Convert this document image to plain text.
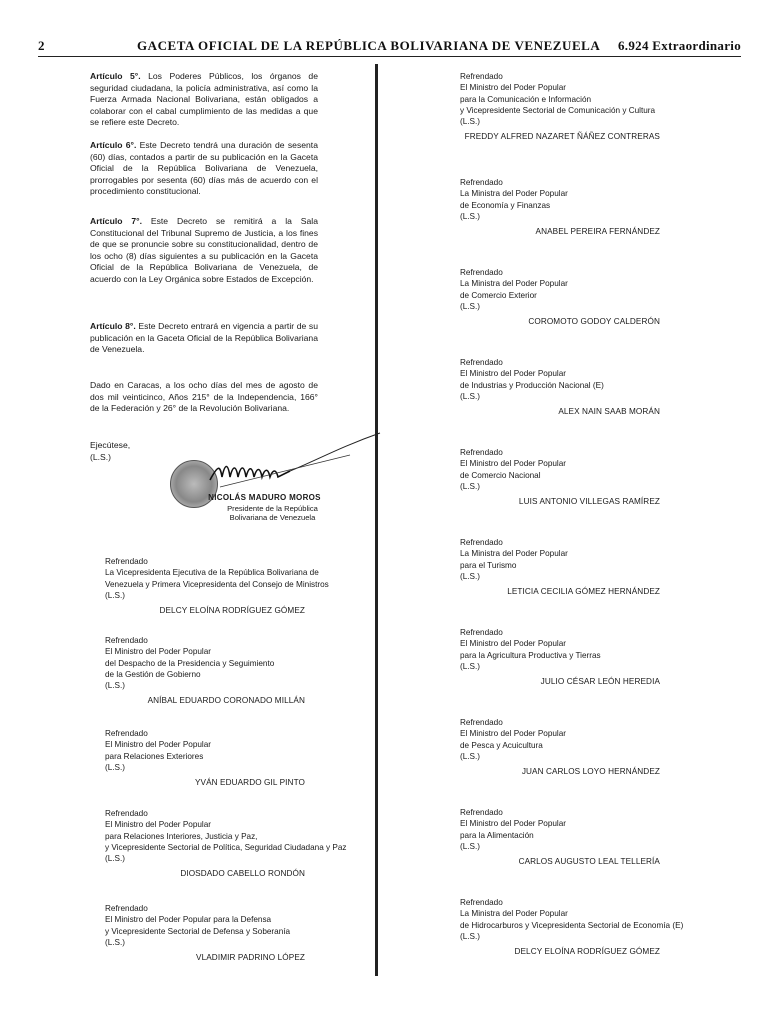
2	GACETA OFICIAL DE LA REPÚBLICA BOLIVARIANA DE VENEZUELA 6.924 Extraordinario
Artículo 5°. Los Poderes Públicos, los órganos de seguridad ciudadana, la policía administrativa, así como la Fuerza Armada Nacional Bolivariana, están obligados a colaborar con el cabal cumplimiento de las medidas a que se refiere este Decreto.
Artículo 6°. Este Decreto tendrá una duración de sesenta (60) días, contados a partir de su publicación en la Gaceta Oficial de la República Bolivariana de Venezuela, prorrogables por sesenta (60) días más de acuerdo con el procedimiento constitucional.
Artículo 7°. Este Decreto se remitirá a la Sala Constitucional del Tribunal Supremo de Justicia, a los fines de que se pronuncie sobre su constitucionalidad, dentro de los ocho (8) días siguientes a su publicación en la Gaceta Oficial de la República Bolivariana de Venezuela, de acuerdo con la Ley Orgánica sobre Estados de Excepción.
Artículo 8°. Este Decreto entrará en vigencia a partir de su publicación en la Gaceta Oficial de la República Bolivariana de Venezuela.
Dado en Caracas, a los ocho días del mes de agosto de dos mil veinticinco, Años 215° de la Independencia, 166° de la Federación y 26° de la Revolución Bolivariana.
Ejecútese,
(L.S.)
NICOLÁS MADURO MOROS
Presidente de la República
Bolivariana de Venezuela
Refrendado
La Vicepresidenta Ejecutiva de la República Bolivariana de
Venezuela y Primera Vicepresidenta del Consejo de Ministros
(L.S.)
DELCY ELOÍNA RODRÍGUEZ GÓMEZ
Refrendado
El Ministro del Poder Popular
del Despacho de la Presidencia y Seguimiento
de la Gestión de Gobierno
(L.S.)
ANÍBAL EDUARDO CORONADO MILLÁN
Refrendado
El Ministro del Poder Popular
para Relaciones Exteriores
(L.S.)
YVÁN EDUARDO GIL PINTO
Refrendado
El Ministro del Poder Popular
para Relaciones Interiores, Justicia y Paz,
y Vicepresidente Sectorial de Política, Seguridad Ciudadana y Paz
(L.S.)
DIOSDADO CABELLO RONDÓN
Refrendado
El Ministro del Poder Popular para la Defensa
y Vicepresidente Sectorial de Defensa y Soberanía
(L.S.)
VLADIMIR PADRINO LÓPEZ
Refrendado
El Ministro del Poder Popular
para la Comunicación e Información
y Vicepresidente Sectorial de Comunicación y Cultura
(L.S.)
FREDDY ALFRED NAZARET ÑÁÑEZ CONTRERAS
Refrendado
La Ministra del Poder Popular
de Economía y Finanzas
(L.S.)
ANABEL PEREIRA FERNÁNDEZ
Refrendado
La Ministra del Poder Popular
de Comercio Exterior
(L.S.)
COROMOTO GODOY CALDERÓN
Refrendado
El Ministro del Poder Popular
de Industrias y Producción Nacional (E)
(L.S.)
ALEX NAIN SAAB MORÁN
Refrendado
El Ministro del Poder Popular
de Comercio Nacional
(L.S.)
LUIS ANTONIO VILLEGAS RAMÍREZ
Refrendado
La Ministra del Poder Popular
para el Turismo
(L.S.)
LETICIA CECILIA GÓMEZ HERNÁNDEZ
Refrendado
El Ministro del Poder Popular
para la Agricultura Productiva y Tierras
(L.S.)
JULIO CÉSAR LEÓN HEREDIA
Refrendado
El Ministro del Poder Popular
de Pesca y Acuicultura
(L.S.)
JUAN CARLOS LOYO HERNÁNDEZ
Refrendado
El Ministro del Poder Popular
para la Alimentación
(L.S.)
CARLOS AUGUSTO LEAL TELLERÍA
Refrendado
La Ministra del Poder Popular
de Hidrocarburos y Vicepresidenta Sectorial de Economía (E)
(L.S.)
DELCY ELOÍNA RODRÍGUEZ GÓMEZ
